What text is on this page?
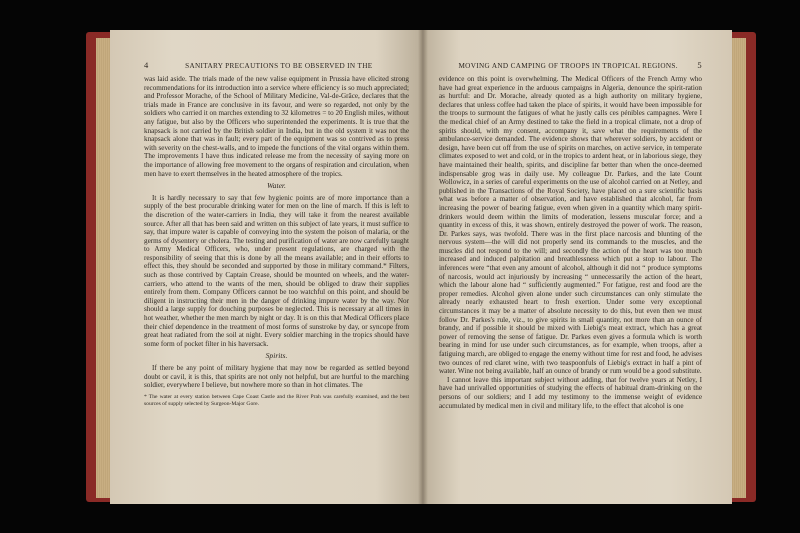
4	SANITARY PRECAUTIONS TO BE OBSERVED IN THE

was laid aside. The trials made of the new valise equipment in Prussia have elicited strong recommendations for its introduction into a service where efficiency is so much appreciated; and Professor Morache, of the School of Military Medicine, Val-de-Grâce, declares that the trials made in France are conclusive in its favour, and were so regarded, not only by the soldiers who carried it on marches extending to 32 kilometres = to 20 English miles, without any fatigue, but also by the Officers who superintended the experiments. It is true that the knapsack is not carried by the British soldier in India, but in the old system it was not the knapsack alone that was in fault; every part of the equipment was so contrived as to press with severity on the chest-walls, and to impede the functions of the vital organs within them. The improvements I have thus indicated release me from the necessity of saying more on the importance of allowing free movement to the organs of respiration and circulation, when men have to exert themselves in the heated atmosphere of the tropics.

Water.

It is hardly necessary to say that few hygienic points are of more importance than a supply of the best procurable drinking water for men on the line of march. If this is left to the discretion of the water-carriers in India, they will take it from the nearest available source. After all that has been said and written on this subject of late years, it must suffice to say, that impure water is capable of conveying into the system the poison of malaria, or the germs of dysentery or cholera. The testing and purification of water are now carefully taught to Army Medical Officers, who, under present regulations, are charged with the responsibility of seeing that this is done by all the means available; and in their efforts to effect this, they should be seconded and supported by those in military command.* Filters, such as those contrived by Captain Crease, should be mounted on wheels, and the water-carriers, who attend to the wants of the men, should be obliged to draw their supplies entirely from them. Company Officers cannot be too watchful on this point, and should be diligent in instructing their men in the danger of drinking impure water by the way. Nor should a large supply for douching purposes be neglected. This is necessary at all times in hot weather, whether the men march by night or day. It is on this that Medical Officers place their chief dependence in the treatment of most forms of sunstroke by day, or syncope from great heat radiated from the soil at night. Every soldier marching in the tropics should have some form of pocket filter in his haversack.

Spirits.

If there be any point of military hygiene that may now be regarded as settled beyond doubt or cavil, it is this, that spirits are not only not helpful, but are hurtful to the marching soldier, everywhere I believe, but nowhere more so than in hot climates. The

* The water at every station between Cape Coast Castle and the River Prah was carefully examined, and the best sources of supply selected by Surgeon-Major Gore.
MOVING AND CAMPING OF TROOPS IN TROPICAL REGIONS.	5

evidence on this point is overwhelming. The Medical Officers of the French Army who have had great experience in the arduous campaigns in Algeria, denounce the spirit-ration as hurtful: and Dr. Morache, already quoted as a high authority on military hygiene, declares that unless coffee had taken the place of spirits, it would have been impossible for the troops to surmount the fatigues of what he justly calls ces pénibles campagnes. Were I the medical chief of an Army destined to take the field in a tropical climate, not a drop of spirits should, with my consent, accompany it, save what the requirements of the ambulance-service demanded. The evidence shows that wherever soldiers, by accident or design, have been cut off from the use of spirits on marches, on active service, in temperate climates exposed to wet and cold, or in the tropics to ardent heat, or in laborious siege, they have maintained their health, spirits, and discipline far better than when the once-deemed indispensable grog was in daily use. My colleague Dr. Parkes, and the late Count Wollowicz, in a series of careful experiments on the use of alcohol carried on at Netley, and published in the Transactions of the Royal Society, have placed on a sure scientific basis what was before a matter of observation, and have established that alcohol, far from increasing the power of bearing fatigue, even when given in a quantity which many spirit-drinkers would deem within the limits of moderation, lessens muscular force; and a quantity in excess of this, it was shown, entirely destroyed the power of work. The reason, Dr. Parkes says, was twofold. There was in the first place narcosis and blunting of the nervous system—the will did not properly send its commands to the muscles, and the muscles did not respond to the will; and secondly the action of the heart was too much increased and induced palpitation and breathlessness which put a stop to labour. The inferences were “that even any amount of alcohol, although it did not “ produce symptoms of narcosis, would act injuriously by increasing “ unnecessarily the action of the heart, which the labour alone had “ sufficiently augmented.” For fatigue, rest and food are the proper remedies. Alcohol given alone under such circumstances can only stimulate the already nearly exhausted heart to fresh exertion. Under some very exceptional circumstances it may be a matter of absolute necessity to do this, but even then we must follow Dr. Parkes's rule, viz., to give spirits in small quantity, not more than an ounce of brandy, and if possible it should be mixed with Liebig's meat extract, which has a great power of removing the sense of fatigue. Dr. Parkes even gives a formula which is worth bearing in mind for use under such circumstances, as for example, when troops, after a fatiguing march, are obliged to engage the enemy without time for rest and food, he advises two ounces of red claret wine, with two teaspoonfuls of Liebig's extract in half a pint of water. Wine not being available, half an ounce of brandy or rum would be a good substitute.

I cannot leave this important subject without adding, that for twelve years at Netley, I have had unrivalled opportunities of studying the effects of habitual dram-drinking on the persons of our soldiers; and I add my testimony to the immense weight of evidence accumulated by medical men in civil and military life, to the effect that alcohol is one
